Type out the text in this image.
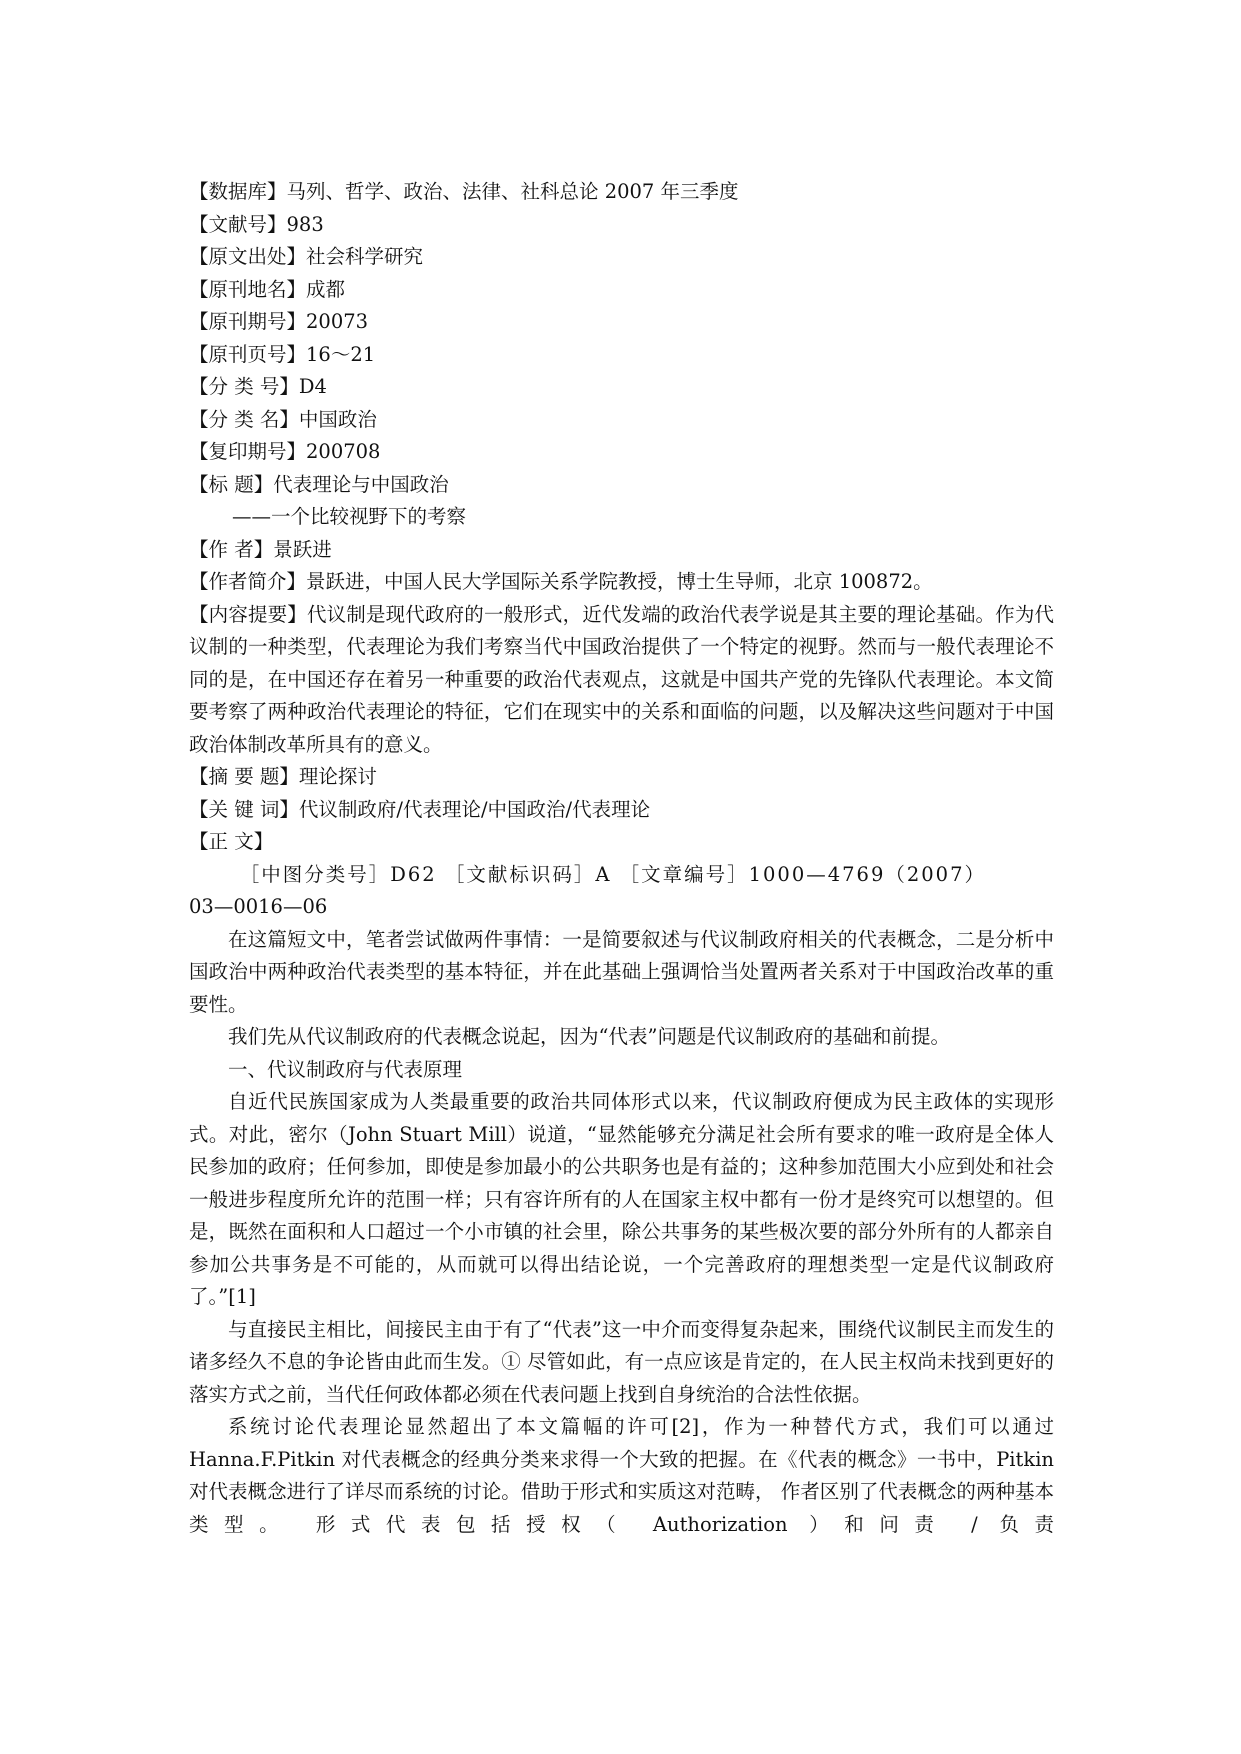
【数据库】马列、哲学、政治、法律、社科总论 2007 年三季度
【文献号】983
【原文出处】社会科学研究
【原刊地名】成都
【原刊期号】20073
【原刊页号】16～21
【分 类 号】D4
【分 类 名】中国政治
【复印期号】200708
【标 题】代表理论与中国政治
——一个比较视野下的考察
【作 者】景跃进
【作者简介】景跃进，中国人民大学国际关系学院教授，博士生导师，北京 100872。

【内容提要】代议制是现代政府的一般形式，近代发端的政治代表学说是其主要的理论基础。作为代议制的一种类型，代表理论为我们考察当代中国政治提供了一个特定的视野。然而与一般代表理论不同的是，在中国还存在着另一种重要的政治代表观点，这就是中国共产党的先锋队代表理论。本文简要考察了两种政治代表理论的特征，它们在现实中的关系和面临的问题，以及解决这些问题对于中国政治体制改革所具有的意义。

【摘 要 题】理论探讨
【关 键 词】代议制政府/代表理论/中国政治/代表理论
【正 文】
［中图分类号］D62 ［文献标识码］A ［文章编号］1000—4769（2007）
03—0016—06

在这篇短文中，笔者尝试做两件事情：一是简要叙述与代议制政府相关的代表概念，二是分析中国政治中两种政治代表类型的基本特征，并在此基础上强调恰当处置两者关系对于中国政治改革的重要性。

我们先从代议制政府的代表概念说起，因为“代表”问题是代议制政府的基础和前提。

一、代议制政府与代表原理

自近代民族国家成为人类最重要的政治共同体形式以来，代议制政府便成为民主政体的实现形式。对此，密尔（John Stuart Mill）说道，“显然能够充分满足社会所有要求的唯一政府是全体人民参加的政府；任何参加，即使是参加最小的公共职务也是有益的；这种参加范围大小应到处和社会一般进步程度所允许的范围一样；只有容许所有的人在国家主权中都有一份才是终究可以想望的。但是，既然在面积和人口超过一个小市镇的社会里，除公共事务的某些极次要的部分外所有的人都亲自参加公共事务是不可能的，从而就可以得出结论说，一个完善政府的理想类型一定是代议制政府了。”[1]

与直接民主相比，间接民主由于有了“代表”这一中介而变得复杂起来，围绕代议制民主而发生的诸多经久不息的争论皆由此而生发。① 尽管如此，有一点应该是肯定的，在人民主权尚未找到更好的落实方式之前，当代任何政体都必须在代表问题上找到自身统治的合法性依据。

系统讨论代表理论显然超出了本文篇幅的许可[2]，作为一种替代方式，我们可以通过 Hanna.F.Pitkin 对代表概念的经典分类来求得一个大致的把握。在《代表的概念》一书中，Pitkin 对代表概念进行了详尽而系统的讨论。借助于形式和实质这对范畴， 作者区别了代表概念的两种基本类型。 形式代表包括授权（ Authorization ）和问责 / 负责
